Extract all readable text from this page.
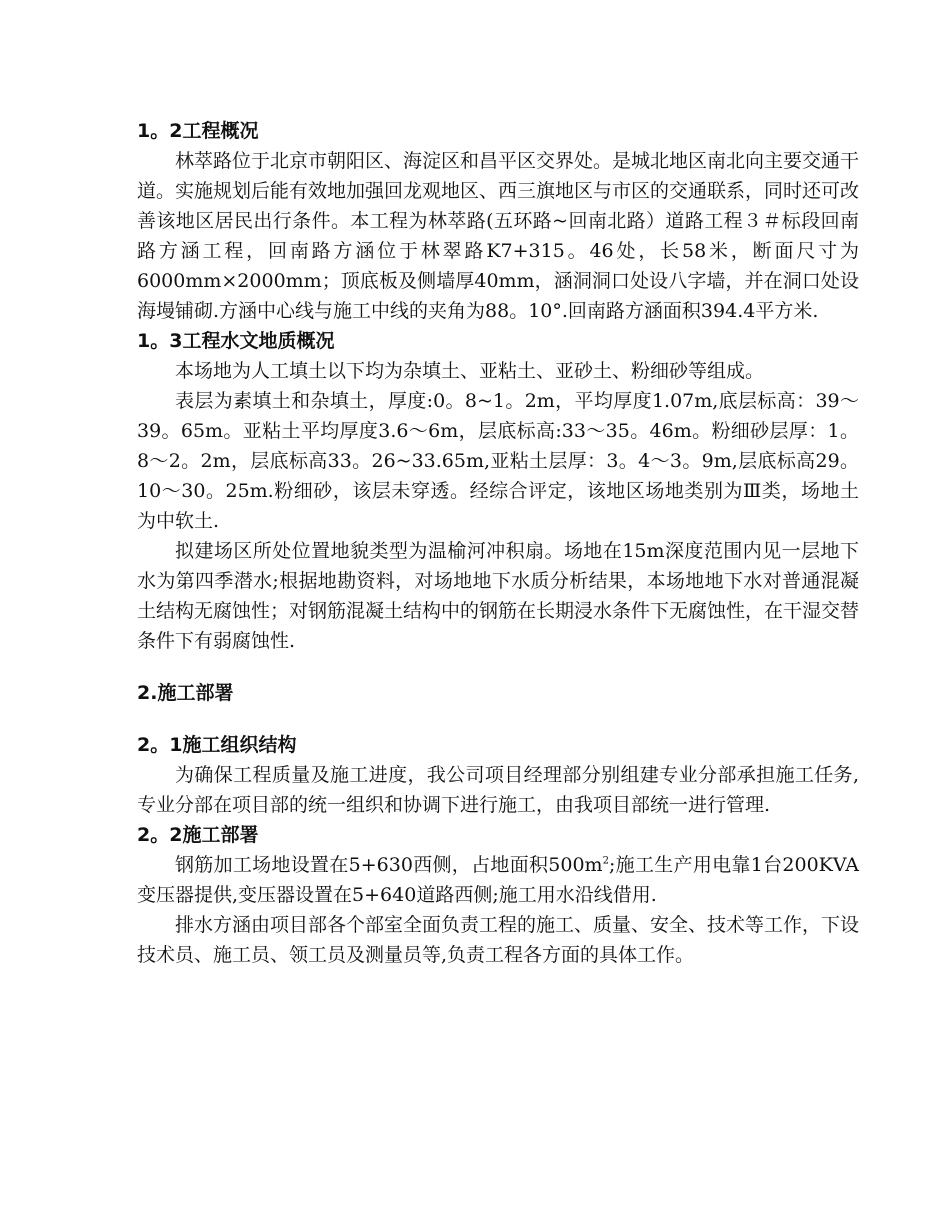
1。2工程概况
林萃路位于北京市朝阳区、海淀区和昌平区交界处。是城北地区南北向主要交通干道。实施规划后能有效地加强回龙观地区、西三旗地区与市区的交通联系，同时还可改善该地区居民出行条件。本工程为林萃路(五环路~回南北路）道路工程３＃标段回南路方涵工程，回南路方涵位于林翠路K7+315。46处，长58米，断面尺寸为6000mm×2000mm；顶底板及侧墙厚40mm，涵洞洞口处设八字墙，并在洞口处设海墁铺砌.方涵中心线与施工中线的夹角为88。10°.回南路方涵面积394.4平方米.
1。3工程水文地质概况
本场地为人工填土以下均为杂填土、亚粘土、亚砂土、粉细砂等组成。
表层为素填土和杂填土，厚度:0。8~1。2m，平均厚度1.07m,底层标高：39～39。65m。亚粘土平均厚度3.6～6m，层底标高:33～35。46m。粉细砂层厚：1。8～2。2m，层底标高33。26~33.65m,亚粘土层厚：3。4～3。9m,层底标高29。10～30。25m.粉细砂，该层未穿透。经综合评定，该地区场地类别为Ⅲ类，场地土为中软土.
拟建场区所处位置地貌类型为温榆河冲积扇。场地在15m深度范围内见一层地下水为第四季潜水;根据地勘资料，对场地地下水质分析结果，本场地地下水对普通混凝土结构无腐蚀性；对钢筋混凝土结构中的钢筋在长期浸水条件下无腐蚀性，在干湿交替条件下有弱腐蚀性.
2.施工部署
2。1施工组织结构
为确保工程质量及施工进度，我公司项目经理部分别组建专业分部承担施工任务,专业分部在项目部的统一组织和协调下进行施工，由我项目部统一进行管理.
2。2施工部署
钢筋加工场地设置在5+630西侧，占地面积$500m^2$;施工生产用电靠1台200KVA变压器提供,变压器设置在5+640道路西侧;施工用水沿线借用.
排水方涵由项目部各个部室全面负责工程的施工、质量、安全、技术等工作，下设技术员、施工员、领工员及测量员等,负责工程各方面的具体工作。
